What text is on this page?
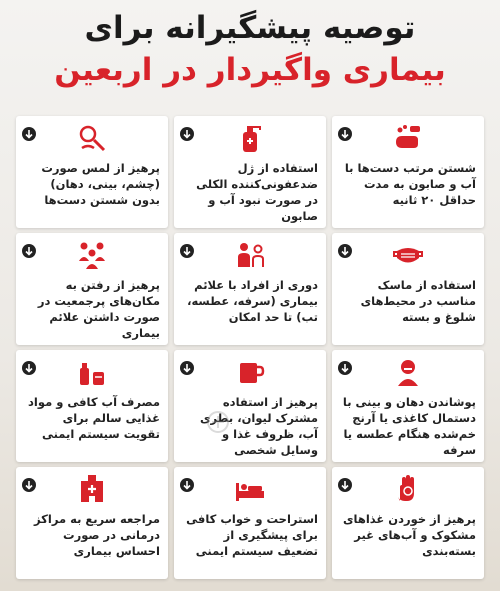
توصیه پیشگیرانه برای
بیماری واگیردار در اربعین
شستن مرتب دست‌ها با آب و صابون به مدت حداقل ۲۰ ثانیه
استفاده از ژل ضدعفونی‌کننده الکلی در صورت نبود آب و صابون
پرهیز از لمس صورت (چشم، بینی، دهان) بدون شستن دست‌ها
استفاده از ماسک مناسب در محیط‌های شلوغ و بسته
دوری از افراد با علائم بیماری (سرفه، عطسه، تب) تا حد امکان
پرهیز از رفتن به مکان‌های پرجمعیت در صورت داشتن علائم بیماری
پوشاندن دهان و بینی با دستمال کاغذی یا آرنج خم‌شده هنگام عطسه یا سرفه
پرهیز از استفاده مشترک لیوان، بطری آب، ظروف غذا و وسایل شخصی
مصرف آب کافی و مواد غذایی سالم برای تقویت سیستم ایمنی
پرهیز از خوردن غذاهای مشکوک و آب‌های غیر بسته‌بندی
استراحت و خواب کافی برای پیشگیری از تضعیف سیستم ایمنی
مراجعه سریع به مراکز درمانی در صورت احساس بیماری
